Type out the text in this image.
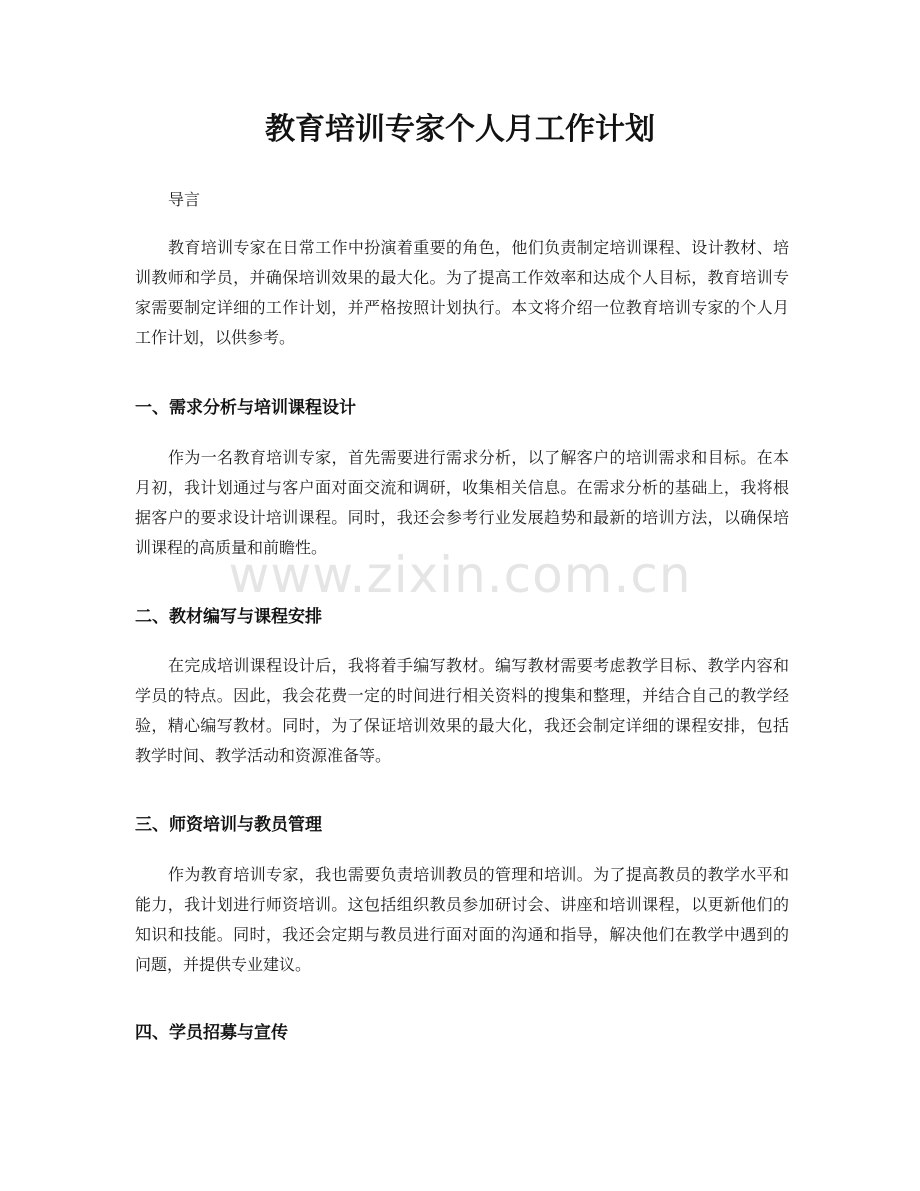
教育培训专家个人月工作计划

导言

教育培训专家在日常工作中扮演着重要的角色，他们负责制定培训课程、设计教材、培训教师和学员，并确保培训效果的最大化。为了提高工作效率和达成个人目标，教育培训专家需要制定详细的工作计划，并严格按照计划执行。本文将介绍一位教育培训专家的个人月工作计划，以供参考。

一、需求分析与培训课程设计

作为一名教育培训专家，首先需要进行需求分析，以了解客户的培训需求和目标。在本月初，我计划通过与客户面对面交流和调研，收集相关信息。在需求分析的基础上，我将根据客户的要求设计培训课程。同时，我还会参考行业发展趋势和最新的培训方法，以确保培训课程的高质量和前瞻性。

二、教材编写与课程安排

在完成培训课程设计后，我将着手编写教材。编写教材需要考虑教学目标、教学内容和学员的特点。因此，我会花费一定的时间进行相关资料的搜集和整理，并结合自己的教学经验，精心编写教材。同时，为了保证培训效果的最大化，我还会制定详细的课程安排，包括教学时间、教学活动和资源准备等。

三、师资培训与教员管理

作为教育培训专家，我也需要负责培训教员的管理和培训。为了提高教员的教学水平和能力，我计划进行师资培训。这包括组织教员参加研讨会、讲座和培训课程，以更新他们的知识和技能。同时，我还会定期与教员进行面对面的沟通和指导，解决他们在教学中遇到的问题，并提供专业建议。

四、学员招募与宣传
www.zixin.com.cn
